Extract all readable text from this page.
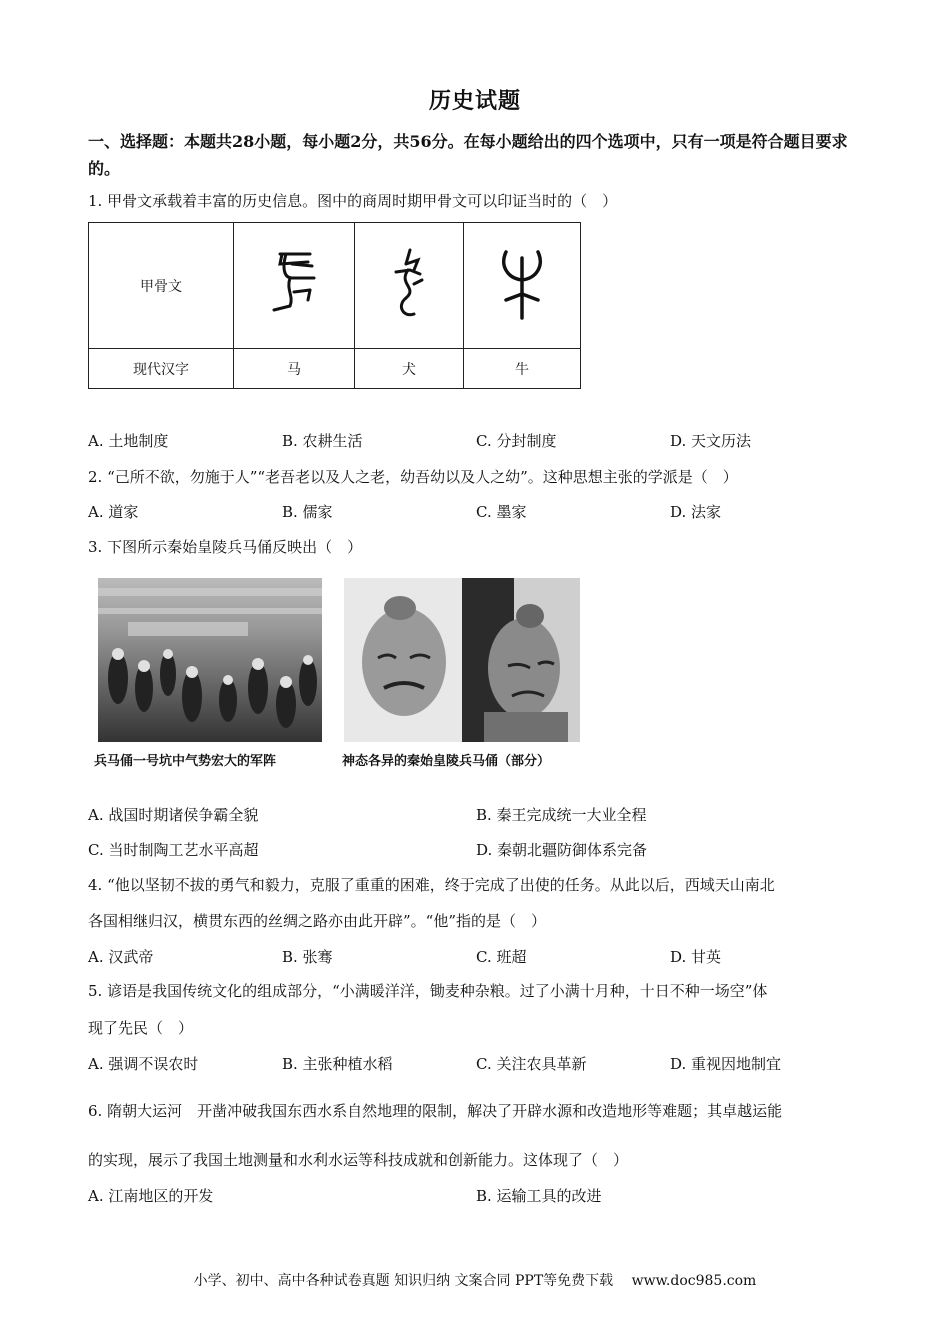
历史试题
一、选择题：本题共28小题，每小题2分，共56分。在每小题给出的四个选项中，只有一项是符合题目要求的。
1. 甲骨文承载着丰富的历史信息。图中的商周时期甲骨文可以印证当时的（　）
甲骨文			
现代汉字	马	犬	牛
A. 土地制度	B. 农耕生活	C. 分封制度	D. 天文历法
2. “己所不欲，勿施于人”“老吾老以及人之老，幼吾幼以及人之幼”。这种思想主张的学派是（　）
A. 道家	B. 儒家	C. 墨家	D. 法家
3. 下图所示秦始皇陵兵马俑反映出（　）
兵马俑一号坑中气势宏大的军阵	神态各异的秦始皇陵兵马俑（部分）
A. 战国时期诸侯争霸全貌	B. 秦王完成统一大业全程
C. 当时制陶工艺水平高超	D. 秦朝北疆防御体系完备
4. “他以坚韧不拔的勇气和毅力，克服了重重的困难，终于完成了出使的任务。从此以后，西域天山南北
各国相继归汉，横贯东西的丝绸之路亦由此开辟”。“他”指的是（　）
A. 汉武帝	B. 张骞	C. 班超	D. 甘英
5. 谚语是我国传统文化的组成部分，“小满暖洋洋，锄麦种杂粮。过了小满十月种，十日不种一场空”体
现了先民（　）
A. 强调不误农时	B. 主张种植水稻	C. 关注农具革新	D. 重视因地制宜
6. 隋朝大运河　开凿冲破我国东西水系自然地理的限制，解决了开辟水源和改造地形等难题；其卓越运能
的实现，展示了我国土地测量和水利水运等科技成就和创新能力。这体现了（　）
A. 江南地区的开发	B. 运输工具的改进
小学、初中、高中各种试卷真题 知识归纳 文案合同 PPT等免费下载　 www.doc985.com
